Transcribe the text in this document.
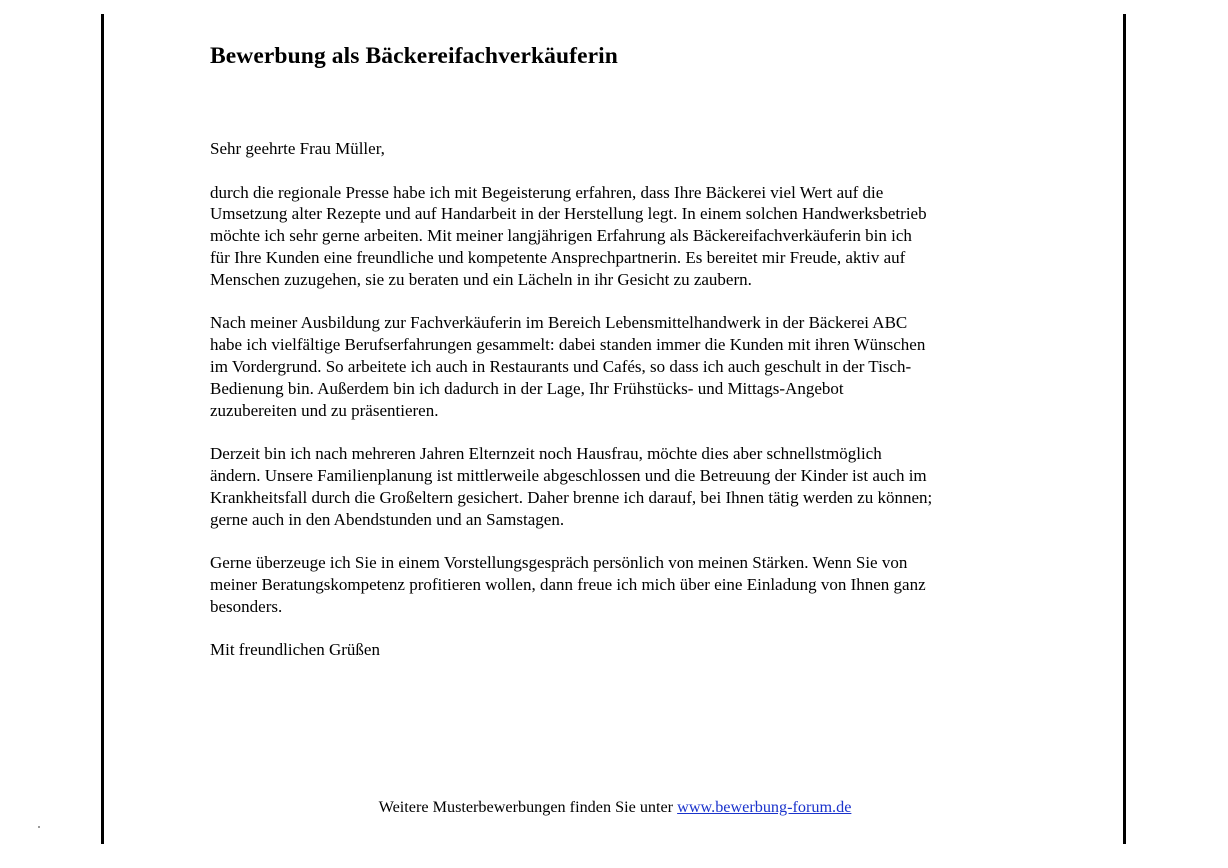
Bewerbung als Bäckereifachverkäuferin

Sehr geehrte Frau Müller,

durch die regionale Presse habe ich mit Begeisterung erfahren, dass Ihre Bäckerei viel Wert auf die
Umsetzung alter Rezepte und auf Handarbeit in der Herstellung legt. In einem solchen Handwerksbetrieb
möchte ich sehr gerne arbeiten. Mit meiner langjährigen Erfahrung als Bäckereifachverkäuferin bin ich
für Ihre Kunden eine freundliche und kompetente Ansprechpartnerin. Es bereitet mir Freude, aktiv auf
Menschen zuzugehen, sie zu beraten und ein Lächeln in ihr Gesicht zu zaubern.

Nach meiner Ausbildung zur Fachverkäuferin im Bereich Lebensmittelhandwerk in der Bäckerei ABC
habe ich vielfältige Berufserfahrungen gesammelt: dabei standen immer die Kunden mit ihren Wünschen
im Vordergrund. So arbeitete ich auch in Restaurants und Cafés, so dass ich auch geschult in der Tisch-
Bedienung bin. Außerdem bin ich dadurch in der Lage, Ihr Frühstücks- und Mittags-Angebot
zuzubereiten und zu präsentieren.

Derzeit bin ich nach mehreren Jahren Elternzeit noch Hausfrau, möchte dies aber schnellstmöglich
ändern. Unsere Familienplanung ist mittlerweile abgeschlossen und die Betreuung der Kinder ist auch im
Krankheitsfall durch die Großeltern gesichert. Daher brenne ich darauf, bei Ihnen tätig werden zu können;
gerne auch in den Abendstunden und an Samstagen.

Gerne überzeuge ich Sie in einem Vorstellungsgespräch persönlich von meinen Stärken. Wenn Sie von
meiner Beratungskompetenz profitieren wollen, dann freue ich mich über eine Einladung von Ihnen ganz
besonders.

Mit freundlichen Grüßen

Weitere Musterbewerbungen finden Sie unter www.bewerbung-forum.de
